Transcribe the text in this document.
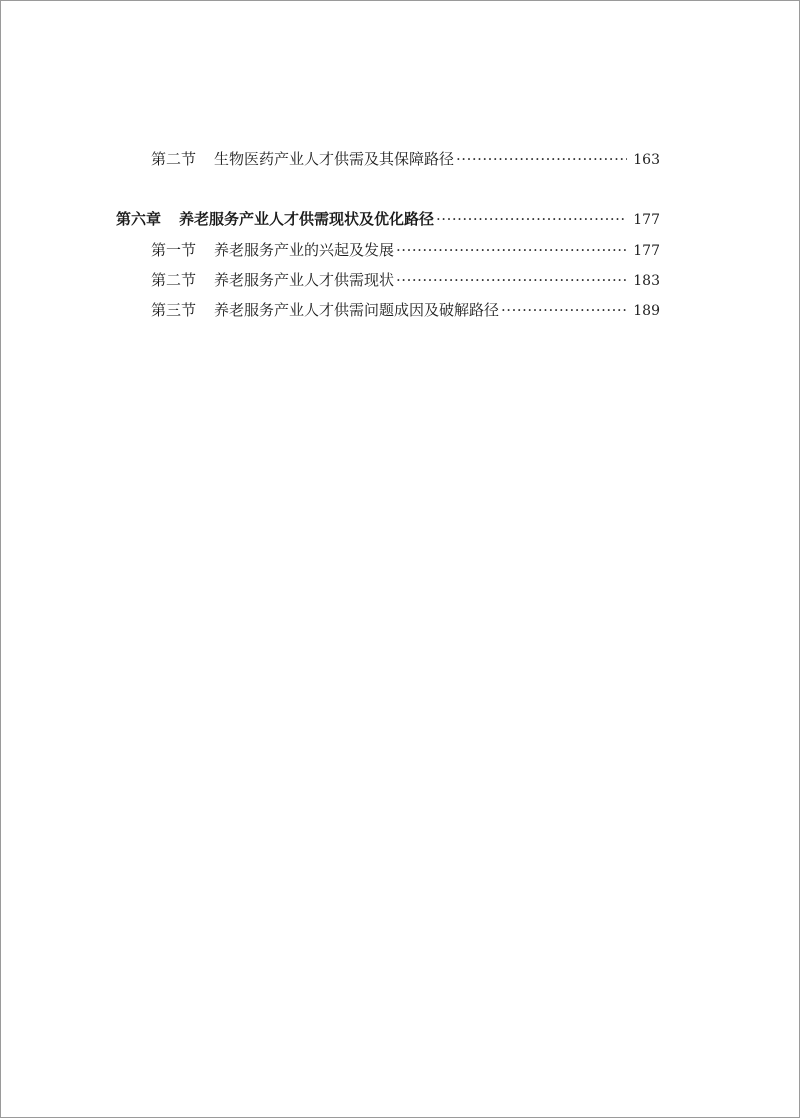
第二节 生物医药产业人才供需及其保障路径 ·····	163
第六章 养老服务产业人才供需现状及优化路径 ·····	177
第一节 养老服务产业的兴起及发展 ·····	177
第二节 养老服务产业人才供需现状 ·····	183
第三节 养老服务产业人才供需问题成因及破解路径 ·····	189
